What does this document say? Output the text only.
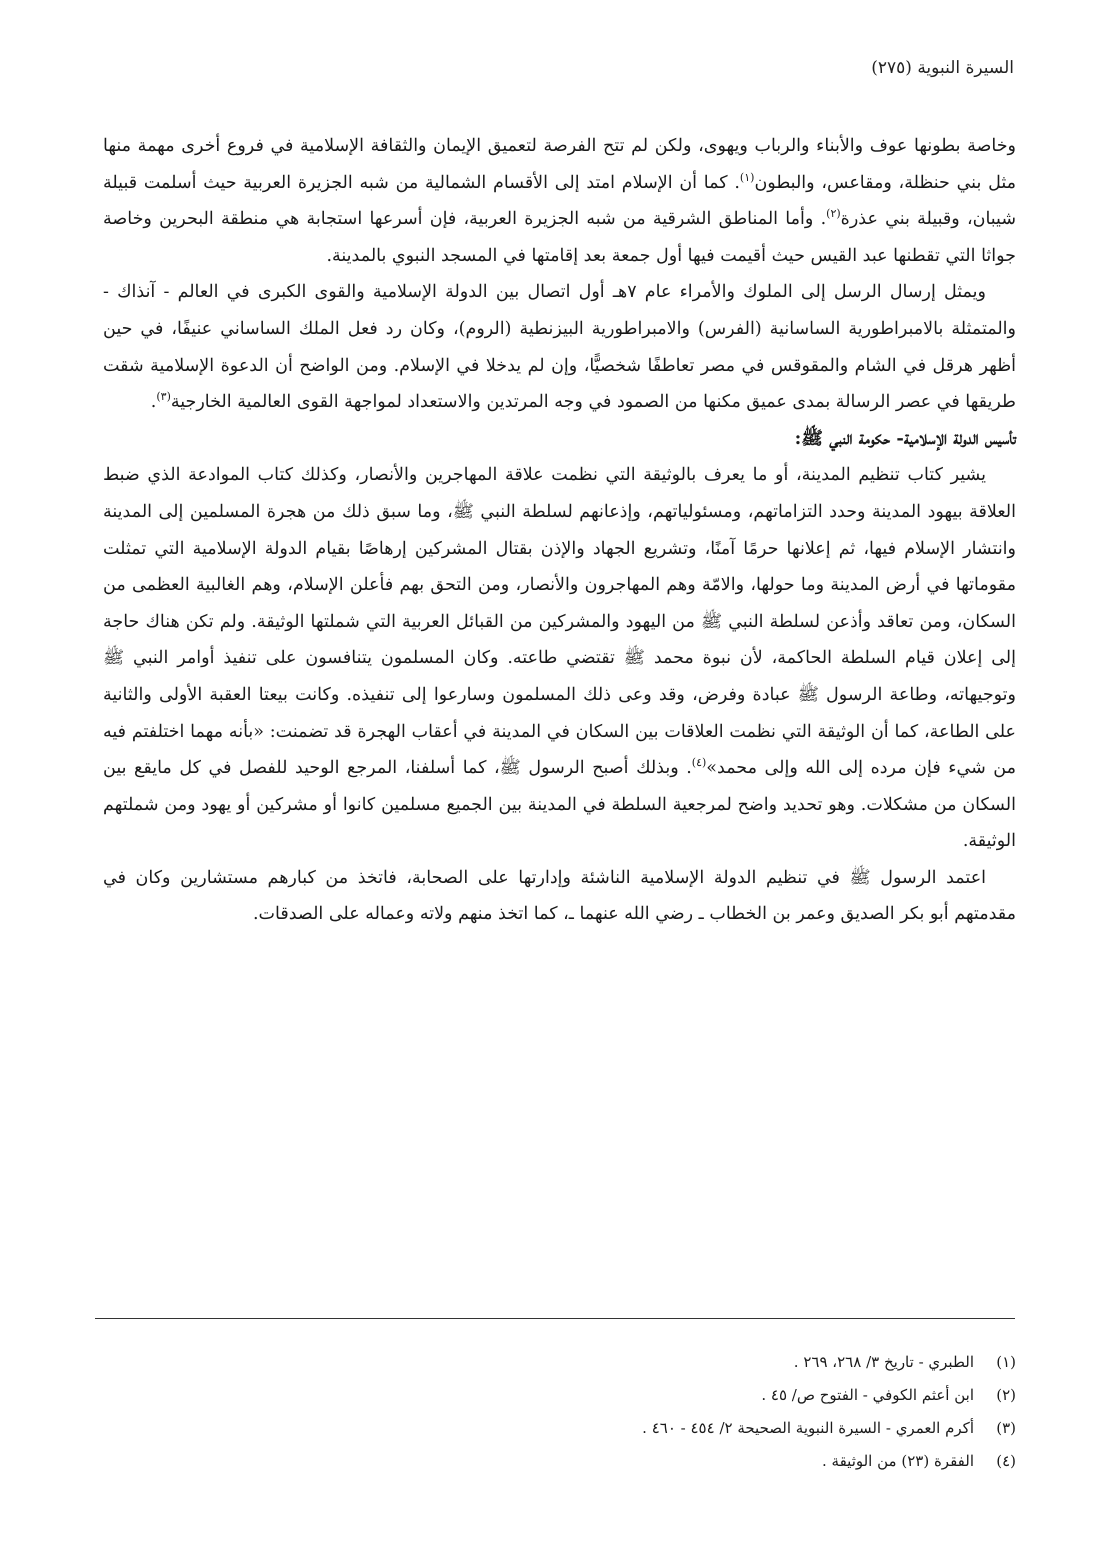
السيرة النبوية (٢٧٥)

وخاصة بطونها عوف والأبناء والرباب ويهوى، ولكن لم تتح الفرصة لتعميق الإيمان والثقافة الإسلامية في فروع أخرى مهمة منها مثل بني حنظلة، ومقاعس، والبطون$^{(١)}$. كما أن الإسلام امتد إلى الأقسام الشمالية من شبه الجزيرة العربية حيث أسلمت قبيلة شيبان، وقبيلة بني عذرة$^{(٢)}$. وأما المناطق الشرقية من شبه الجزيرة العربية، فإن أسرعها استجابة هي منطقة البحرين وخاصة جواثا التي تقطنها عبد القيس حيث أقيمت فيها أول جمعة بعد إقامتها في المسجد النبوي بالمدينة.

ويمثل إرسال الرسل إلى الملوك والأمراء عام ٧هـ أول اتصال بين الدولة الإسلامية والقوى الكبرى في العالم - آنذاك - والمتمثلة بالامبراطورية الساسانية (الفرس) والامبراطورية البيزنطية (الروم)، وكان رد فعل الملك الساساني عنيفًا، في حين أظهر هرقل في الشام والمقوقس في مصر تعاطفًا شخصيًّا، وإن لم يدخلا في الإسلام. ومن الواضح أن الدعوة الإسلامية شقت طريقها في عصر الرسالة بمدى عميق مكنها من الصمود في وجه المرتدين والاستعداد لمواجهة القوى العالمية الخارجية$^{(٣)}$.

تأسيس الدولة الإسلامية- حكومة النبي ﷺ:

يشير كتاب تنظيم المدينة، أو ما يعرف بالوثيقة التي نظمت علاقة المهاجرين والأنصار، وكذلك كتاب الموادعة الذي ضبط العلاقة بيهود المدينة وحدد التزاماتهم، ومسئولياتهم، وإذعانهم لسلطة النبي ﷺ، وما سبق ذلك من هجرة المسلمين إلى المدينة وانتشار الإسلام فيها، ثم إعلانها حرمًا آمنًا، وتشريع الجهاد والإذن بقتال المشركين إرهاصًا بقيام الدولة الإسلامية التي تمثلت مقوماتها في أرض المدينة وما حولها، والامّة وهم المهاجرون والأنصار، ومن التحق بهم فأعلن الإسلام، وهم الغالبية العظمى من السكان، ومن تعاقد وأذعن لسلطة النبي ﷺ من اليهود والمشركين من القبائل العربية التي شملتها الوثيقة. ولم تكن هناك حاجة إلى إعلان قيام السلطة الحاكمة، لأن نبوة محمد ﷺ تقتضي طاعته. وكان المسلمون يتنافسون على تنفيذ أوامر النبي ﷺ وتوجيهاته، وطاعة الرسول ﷺ عبادة وفرض، وقد وعى ذلك المسلمون وسارعوا إلى تنفيذه. وكانت بيعتا العقبة الأولى والثانية على الطاعة، كما أن الوثيقة التي نظمت العلاقات بين السكان في المدينة في أعقاب الهجرة قد تضمنت: «بأنه مهما اختلفتم فيه من شيء فإن مرده إلى الله وإلى محمد»$^{(٤)}$. وبذلك أصبح الرسول ﷺ، كما أسلفنا، المرجع الوحيد للفصل في كل مايقع بين السكان من مشكلات. وهو تحديد واضح لمرجعية السلطة في المدينة بين الجميع مسلمين كانوا أو مشركين أو يهود ومن شملتهم الوثيقة.

اعتمد الرسول ﷺ في تنظيم الدولة الإسلامية الناشئة وإدارتها على الصحابة، فاتخذ من كبارهم مستشارين وكان في مقدمتهم أبو بكر الصديق وعمر بن الخطاب ـ رضي الله عنهما ـ، كما اتخذ منهم ولاته وعماله على الصدقات.

(١)
الطبري - تاريخ ٣/ ٢٦٨، ٢٦٩ .
(٢)
ابن أعثم الكوفي - الفتوح ص/ ٤٥ .
(٣)
أكرم العمري - السيرة النبوية الصحيحة ٢/ ٤٥٤ - ٤٦٠ .
(٤)
الفقرة (٢٣) من الوثيقة .
